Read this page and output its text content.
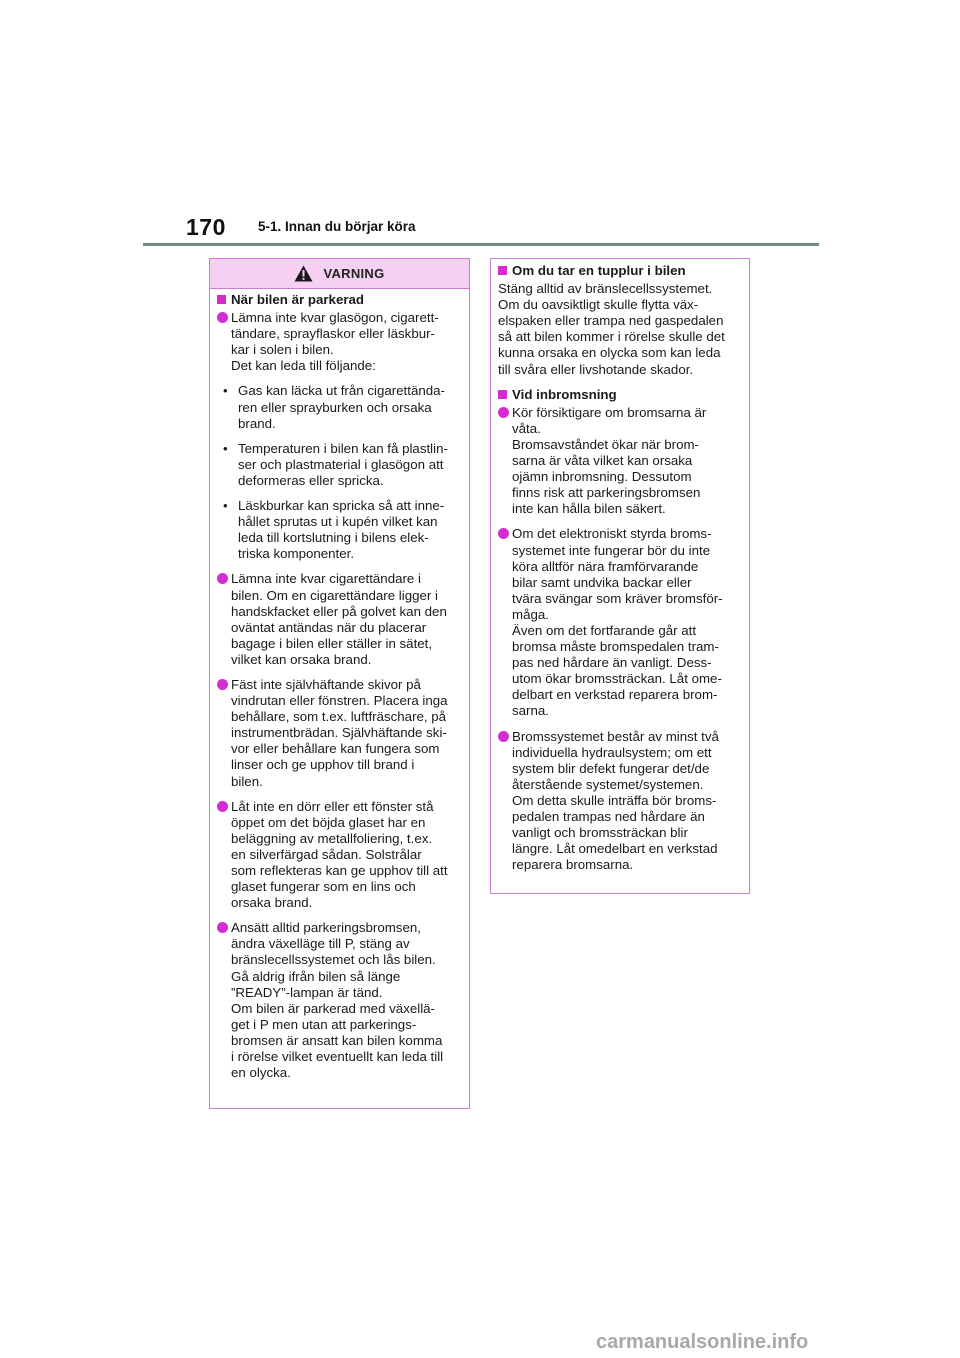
170 5-1. Innan du börjar köra
VARNING
När bilen är parkerad
Lämna inte kvar glasögon, cigarett-
tändare, sprayflaskor eller läskbur-
kar i solen i bilen.
Det kan leda till följande:
• Gas kan läcka ut från cigarettända-
ren eller sprayburken och orsaka
brand.
• Temperaturen i bilen kan få plastlin-
ser och plastmaterial i glasögon att
deformeras eller spricka.
• Läskburkar kan spricka så att inne-
hållet sprutas ut i kupén vilket kan
leda till kortslutning i bilens elek-
triska komponenter.
Lämna inte kvar cigarettändare i
bilen. Om en cigarettändare ligger i
handskfacket eller på golvet kan den
oväntat antändas när du placerar
bagage i bilen eller ställer in sätet,
vilket kan orsaka brand.
Fäst inte självhäftande skivor på
vindrutan eller fönstren. Placera inga
behållare, som t.ex. luftfräschare, på
instrumentbrädan. Självhäftande ski-
vor eller behållare kan fungera som
linser och ge upphov till brand i
bilen.
Låt inte en dörr eller ett fönster stå
öppet om det böjda glaset har en
beläggning av metallfoliering, t.ex.
en silverfärgad sådan. Solstrålar
som reflekteras kan ge upphov till att
glaset fungerar som en lins och
orsaka brand.
Ansätt alltid parkeringsbromsen,
ändra växelläge till P, stäng av
bränslecellssystemet och lås bilen.
Gå aldrig ifrån bilen så länge
”READY”-lampan är tänd.
Om bilen är parkerad med växellä-
get i P men utan att parkerings-
bromsen är ansatt kan bilen komma
i rörelse vilket eventuellt kan leda till
en olycka.
Om du tar en tupplur i bilen
Stäng alltid av bränslecellssystemet.
Om du oavsiktligt skulle flytta väx-
elspaken eller trampa ned gaspedalen
så att bilen kommer i rörelse skulle det
kunna orsaka en olycka som kan leda
till svåra eller livshotande skador.
Vid inbromsning
Kör försiktigare om bromsarna är
våta.
Bromsavståndet ökar när brom-
sarna är våta vilket kan orsaka
ojämn inbromsning. Dessutom
finns risk att parkeringsbromsen
inte kan hålla bilen säkert.
Om det elektroniskt styrda broms-
systemet inte fungerar bör du inte
köra alltför nära framförvarande
bilar samt undvika backar eller
tvära svängar som kräver bromsför-
måga.
Även om det fortfarande går att
bromsa måste bromspedalen tram-
pas ned hårdare än vanligt. Dess-
utom ökar bromssträckan. Låt ome-
delbart en verkstad reparera brom-
sarna.
Bromssystemet består av minst två
individuella hydraulsystem; om ett
system blir defekt fungerar det/de
återstående systemet/systemen.
Om detta skulle inträffa bör broms-
pedalen trampas ned hårdare än
vanligt och bromssträckan blir
längre. Låt omedelbart en verkstad
reparera bromsarna.
carmanualsonline.info
